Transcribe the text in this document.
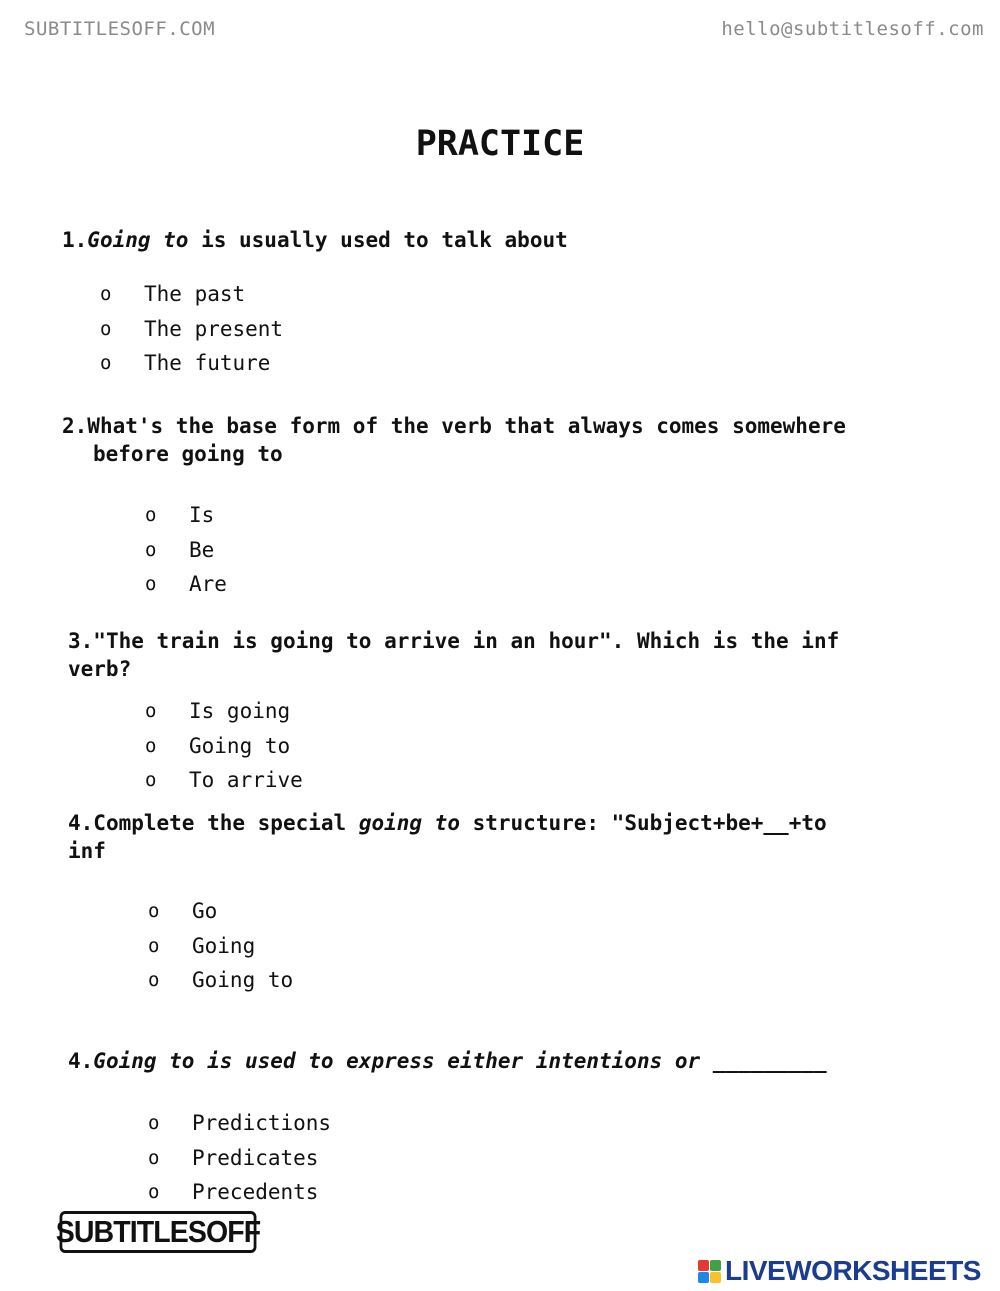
SUBTITLESOFF.COM	hello@subtitlesoff.com
PRACTICE

1.Going to is usually used to talk about

o	The past
o	The present
o	The future

2.What's the base form of the verb that always comes somewhere
before going to

o	Is
o	Be
o	Are

3."The train is going to arrive in an hour". Which is the inf
verb?

o	Is going
o	Going to
o	To arrive

4.Complete the special going to structure: "Subject+be+__+to
inf

o	Go
o	Going
o	Going to

4.Going to is used to express either intentions or _________

o	Predictions
o	Predicates
o	Precedents
SUBTITLESOFF
LIVEWORKSHEETS
